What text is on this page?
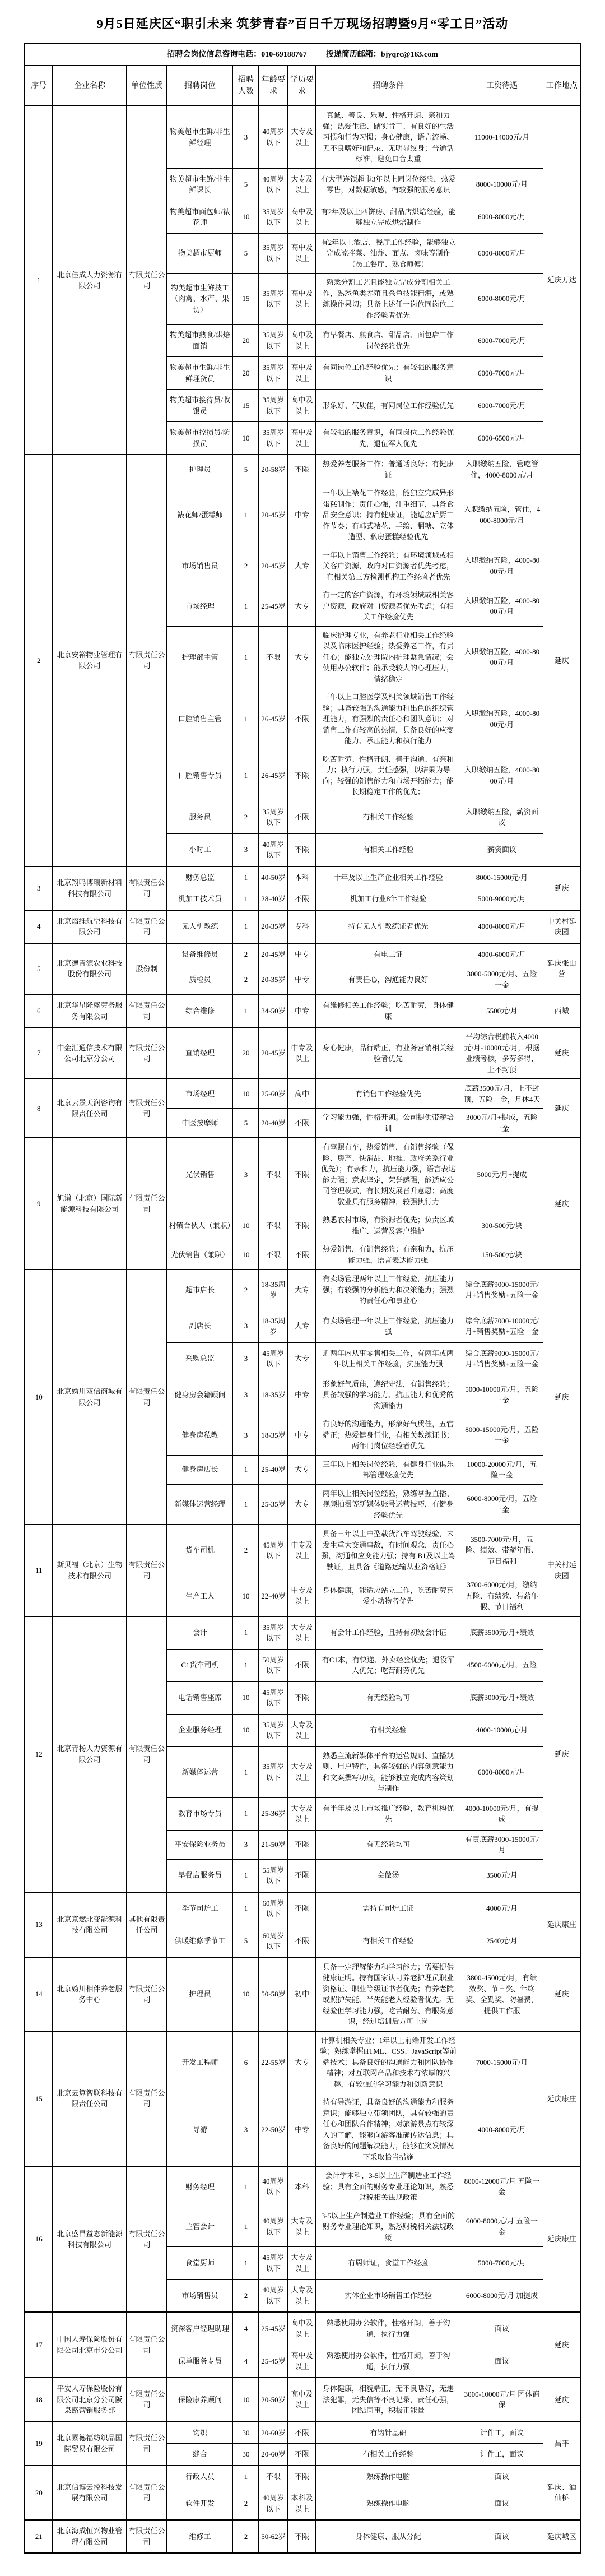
9月5日延庆区“职引未来 筑梦青春”百日千万现场招聘暨9月“零工日”活动
招聘会岗位信息咨询电话：010-69188767 投递简历邮箱：bjyqrc@163.com									
序号	企业名称	单位性质	招聘岗位	招聘人数	年龄要求	学历要求	招聘条件	工资待遇	工作地点
1	北京佳成人力资源有限公司	有限责任公司	物美超市生鲜/非生鲜经理	3	40周岁以下	大专及以上	真诚、善良、乐观、性格开朗、亲和力强；热爱生活、踏实肯干、有良好的生活习惯和行为习惯；身心健康，语言流畅、无不良嗜好和记录、无明显纹身；普通话标准，避免口音太重	11000-14000元/月	延庆万达
			物美超市生鲜/非生鲜课长	5	40周岁以下	大专及以上	有大型连锁超市3年以上同岗位经验，热爱零售，对数据敏感，有较强的服务意识	8000-10000元/月	
			物美超市面包师/裱花师	10	35周岁以下	高中及以上	有2年及以上西饼房、甜品店烘焙经验，能够独立完成烘焙制作	6000-8000元/月	
			物美超市厨师	5	35周岁以下	高中及以上	有2年以上酒店、餐厅工作经验，能够独立完成凉拌菜、油炸、面点、卤味等制作（员工餐厅、熟食师傅）	6000-8000元/月	
			物美超市生鲜技工（肉禽、水产、果切）	15	35周岁以下	高中及以上	熟悉分割工艺且能独立完成分割相关工作，熟悉鱼类养殖且杀鱼技能精湛，或熟练操作果切；具备上述任一岗位同岗位工作经验者优先	6000-8000元/月	
			物美超市熟食/烘焙面销	20	35周岁以下	高中及以上	有早餐店、熟食店、甜品店、面包店工作岗位经验优先	6000-7000元/月	
			物美超市生鲜/非生鲜理货员	20	35周岁以下	高中及以上	有同岗位工作经验优先；有较强的服务意识	6000-7000元/月	
			物美超市接待员/收银员	15	35周岁以下	高中及以上	形象好、气质佳，有同岗位工作经验优先	6000-7000元/月	
			物美超市控损员/防损员	10	35周岁以下	高中及以上	有较强的服务意识，有同岗位工作经验优先，退伍军人优先	6000-6500元/月	
2	北京安裕物业管理有限公司	有限责任公司	护理员	5	20-58岁	不限	热爱养老服务工作；普通话良好；有健康证	入职缴纳五险，管吃管住，4000-8000元/月	延庆
			裱花师/蛋糕师	1	20-45岁	中专	一年以上裱花工作经验，能独立完成异形蛋糕制作；责任心强，注重细节，具备食品安全意识；持有健康证，能适应后厨工作节奏；有韩式裱花、手绘、翻糖、立体造型、私房蛋糕经验优先	入职缴纳五险，管住，4000-8000元/月	
			市场销售员	2	20-45岁	大专	一年以上销售工作经验；有环境领域或相关客户资源，政府对口资源者优先考虑，在相关第三方检测机构工作经验者优先	入职缴纳五险，4000-8000元/月	
			市场经理	1	25-45岁	大专	有一定的客户资源，有环境领域或相关客户资源，政府对口资源者优先考虑；有相关工作经验优先	入职缴纳五险，4000-8000元/月	
			护理部主管	1	不限	大专	临床护理专业，有养老行业相关工作经验以及临床医护经验；热爱养老工作，有责任心；能独立处理院内护理紧急情况；会使用办公软件；能承受较大的心理压力，情绪稳定	入职缴纳五险，4000-8000元/月	
			口腔销售主管	1	26-45岁	不限	三年以上口腔医学及相关领域销售工作经验；具备较强的沟通能力和出色的组织管理能力，有强烈的责任心和团队意识；对销售工作有较高的热情，具备良好的应变能力、承压能力和执行能力	入职缴纳五险，4000-8000元/月	
			口腔销售专员	1	26-45岁	不限	吃苦耐劳、性格开朗、善于沟通、有亲和力；执行力强，责任感强，以结果为导向；较强的销售能力和市场开拓能力；能长期稳定工作的优先；	入职缴纳五险，4000-8000元/月	
			服务员	2	35周岁以下	不限	有相关工作经验	入职缴纳五险，薪资面议	
			小时工	3	40周岁以下	不限	有相关工作经验	薪资面议	
3	北京翔鸣博瑞新材料科技有限公司	有限责任公司	财务总监	1	40-50岁	本科	十年及以上生产企业相关工作经验	8000-15000元/月	延庆
			机加工技术员	1	28-40岁	不限	机加工行业8年工作经验	5000-9000元/月	
4	北京熠维航空科技有限公司	有限责任公司	无人机教练	1	20-35岁	专科	持有无人机教练证者优先	4000-8000元/月	中关村延庆园
5	北京德青源农业科技股份有限公司	股份制	设备维修员	2	20-45岁	中专	有电工证	4000-6000元/月	延庆张山营
			质检员	2	20-35岁	中专	有责任心，沟通能力良好	3000-5000元/月、五险一金	
6	北京华星隆盛劳务服务有限公司	有限责任公司	综合维修	1	34-50岁	中专	有维修相关工作经验；吃苦耐劳，身体健康	5500元/月	西城
7	中金汇通信技术有限公司北京分公司	有限责任公司	直销经理	20	20-45岁	中专及以上	身心健康，品行端正，有业务营销相关经验者优先	平均综合税前收入4000元/月-10000元/月，根据业绩考核，多劳多得，上不封顶	延庆
8	北京云景天润咨询有限责任公司	有限责任公司	市场经理	10	25-60岁	高中	有销售工作经验优先	底薪3500元/月，上不封顶，五险一金，月休4天	延庆
			中医按摩师	5	20-40岁	不限	学习能力强，性格开朗。公司提供带薪培训	3000元/月+提成，五险一金	
9	旭谱（北京）国际新能源科技有限公司	有限责任公司	光伏销售	3	不限	不限	有驾照有车，热爱销售，有销售经验（保险、房产、快消品、地推、政府关系行业优先）；有亲和力，抗压能力强，语言表达能力强；意志坚定，荣誉感强，能适应公司管理模式，有长期发展晋升意愿；高度敬业具有服务精神，较强执行力	5000元/月+提成	延庆
			村镇合伙人（兼职）	10	不限	不限	熟悉农村市场，有资源者优先；负责区域推广、运营及客户维护	300-500元/块	
			光伏销售（兼职）	10	不限	不限	热爱销售，有销售经验；有亲和力，抗压能力强，语言表达能力强	150-500元/块	
10	北京妫川双信商城有限公司	有限责任公司	超市店长	2	18-35周岁	大专	有卖场管理两年以上工作经验，抗压能力强；有较强的分析能力和决策能力；强烈的责任心和事业心	综合底薪9000-15000元/月+销售奖励+五险一金	延庆
			副店长	3	18-35周岁	大专	有卖场管理一年以上工作经验，抗压能力强	综合底薪7000-10000元/月+销售奖励+五险一金	
			采购总监	3	45周岁以下	大专	近两年内从事零售相关工作，有两年或两年以上相关工作经验，抗压能力强	综合底薪9000-15000元/月+销售奖励+五险一金	
			健身房会籍顾问	3	18-35岁	中专	形象好气质佳，遵纪守法，有销售经验；具备较强的学习能力、抗压能力和优秀的沟通能力	5000-10000元/月，五险一金	
			健身房私教	3	18-35岁	中专	有良好的沟通能力，形象好气质佳，五官端正；热爱健身行业，有相关教练证书；两年同岗位经验者优先	8000-15000元/月，五险一金	
			健身房店长	1	25-40岁	大专	三年以上相关岗位经验，有健身行业俱乐部管理经验优先	10000-20000元/月，五险一金	
			新媒体运营经理	1	25-35岁	大专	两年以上相关岗位经验，熟练掌握直播、视频拍摄等新媒体账号运营技巧，有健身经验优先	6000-8000元/月，五险一金	
11	斯贝福（北京）生物技术有限公司	有限责任公司	货车司机	2	45周岁以下	中专及以上	具备三年以上中型载货汽车驾驶经验，未发生重大交通事故，有时间观念，责任心强，沟通和应变能力强；持有 B1及以上驾驶证，且具备《道路运输从业资格证》	3500-7000元/月，五险、绩效、带薪年假、节日福利	中关村延庆园
			生产工人	10	22-40岁	中专及以上	身体健康，能适应站立工作，吃苦耐劳喜爱小动物者优先	3700-6000元/月，缴纳五险、有绩效、带薪年假、节日福利	
12	北京青杨人力资源有限公司	有限责任公司	会计	1	35周岁以下	大专及以上	有会计工作经验，且持有初级会计证	底薪3500元/月+绩效	延庆
			C1货车司机	1	50周岁以下	不限	有C1本，有快递、外卖经验优先；退役军人优先；吃苦耐劳优先	4500-6000元/月，五险	
			电话销售座席	10	45周岁以下	不限	有无经验均可	底薪3000元/月+绩效	
			企业服务经理	10	35周岁以下	大专及以上	有相关经验	4000-10000元/月	
			新媒体运营	1	35周岁以下	大专及以上	熟悉主流新媒体平台的运营规则、直播规则、用户特性，具备较强的内容创意能力和文案撰写功底，能够独立完成内容策划与制作	6000-8000元/月	
			教育市场专员	1	25-36岁	大专及以上	有半年及以上市场推广经验，教育机构优先	4000-10000元/月，有提成	
			平安保险业务员	3	21-50岁	不限	有无经验均可	有责底薪3000-15000元/月	
			早餐店服务员	1	55周岁以下	不限	会做汤	3500元/月	
13	北京京燃北变能源科技有限公司	其他有限责任公司	季节司炉工	1	60周岁以下	不限	需持有司炉工证	4000元/月	延庆康庄
			供暖维修季节工	5	60周岁以下	不限	有相关工作经验	2540元/月	
14	北京妫川相伴养老服务中心	有限责任公司	护理员	10	50-58岁	初中	具备一定理解能力和学习能力；需要提供健康证明。持有国家认可养老护理员职业资格证、职业等级证书者优先；有养老院或照护失能、半失能老人经验者优先。无经验但学习能力强，吃苦耐劳、有服务意识，经过培训后方可上岗	3800-4500元/月，有绩效奖、节日奖、年终奖、全勤奖、防暑费，提供工作服	延庆
15	北京云算智联科技有限责任公司	有限责任公司	开发工程师	6	22-55岁	大专	计算机相关专业；1年以上前端开发工作经验；熟练掌握HTML、CSS、JavaScript等前端技术；具备良好的沟通能力和团队协作精神；对互联网产品和技术有浓厚的兴趣，有较强的学习能力和创新意识	7000-15000元/月	延庆康庄
			导游	3	22-50岁	中专	持有导游证，具备良好的沟通能力和服务意识；能够独立带领团队，具有较强的责任心和团队合作精神；对旅游景点有较深入的了解，能够向游客准确传达信息；具备良好的问题解决能力，能够在突发情况下采取恰当措施	4000-8000元/月	
16	北京盛昌益态新能源科技有限公司	有限责任公司	财务经理	1	40周岁以下	本科	会计学本科，3-5以上生产制造业工作经验；具有全面的财务专业理论知识，熟悉财税相关法规政策	8000-12000元/月 五险一金	延庆康庄
			主管会计	1	40周岁以下	大专及以上	3-5以上生产制造业工作经验；具有全面的财务专业理论知识，熟悉财税相关法规政策	6000-8000元/月 五险一金	
			食堂厨师	1	45周岁以下	大专及以上	有厨师证，食堂工作经验	5000-7000元/月	
			市场销售员	2	40周岁以下	大专及以上	实体企业市场销售工作经验	6000-8000元/月 加提成	
17	中国人寿保险股份有限公司北京市分公司	有限责任公司	资深客户经理助理	4	25-45岁	高中及以上	熟悉使用办公软件，性格开朗，善于沟通，执行力强	面议	延庆
			保单服务专员	4	25-45岁	高中及以上	熟悉使用办公软件，性格开朗，善于沟通，执行力强	面议	
18	平安人寿保险股份有限公司北京分公司阪泉路营销服务部	有限责任公司	保险康养顾问	10	20-50岁	高中及以上	身体健康，相貌端正，无不良嗜好，无违法犯罪，无失信等不良记录，责任心强，团结同事，积极正能量	3000-10000元/月 团体商保	延庆
19	北京累德福纺织品国际贸易有限公司	有限责任公司	钩织	30	20-60岁	不限	有钩针基础	计件工，面议	昌平
			缝合	30	20-60岁	不限	有相关工作经验	计件工，面议	
20	北京信博云控科技发展有限公司	有限责任公司	行政人员	1	不限	不限	熟练操作电脑	面议	延庆、酒仙桥
			软件开发	2	40周岁以下	本科及以上	熟练操作电脑	面议	
21	北京海成恒兴物业管理有限公司	有限责任公司	维修工	2	50-62岁	不限	身体健康、服从分配	面议	延庆城区
